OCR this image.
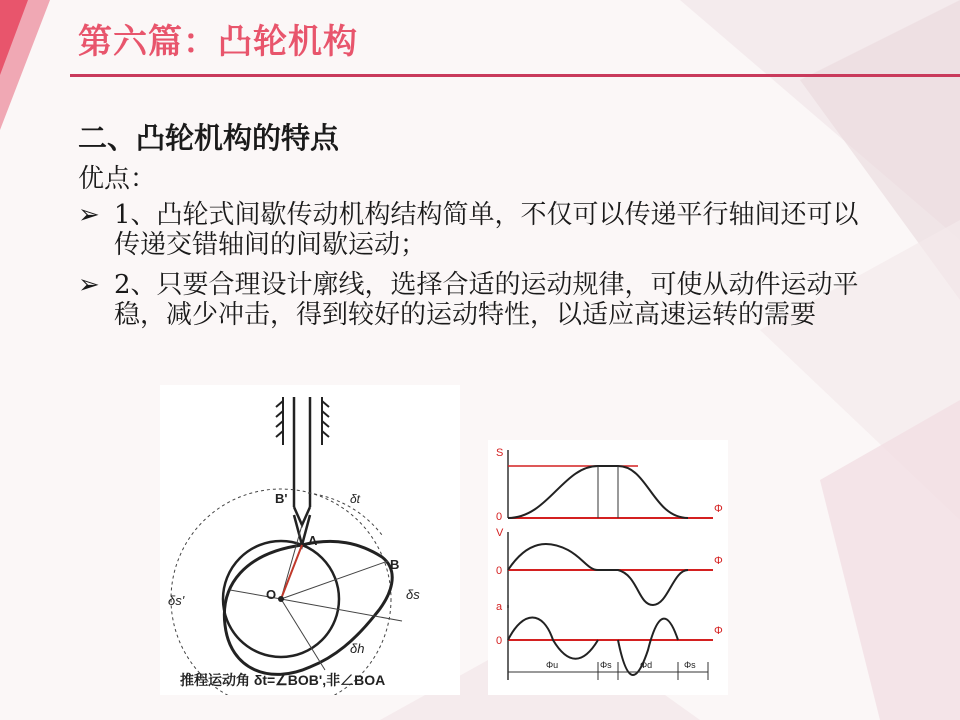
第六篇：凸轮机构
二、凸轮机构的特点
优点：
➢ 1、凸轮式间歇传动机构结构简单，不仅可以传递平行轴间还可以传递交错轴间的间歇运动；
➢ 2、只要合理设计廓线，选择合适的运动规律，可使从动件运动平稳，减少冲击，得到较好的运动特性，以适应高速运转的需要
B'
A
B
O
δt
δs
δs'
δh
推程运动角 δt=∠BOB',非∠BOA
S
0
Φ
V
0
Φ
a
0
Φ
Φu	Φs	Φd	Φs
